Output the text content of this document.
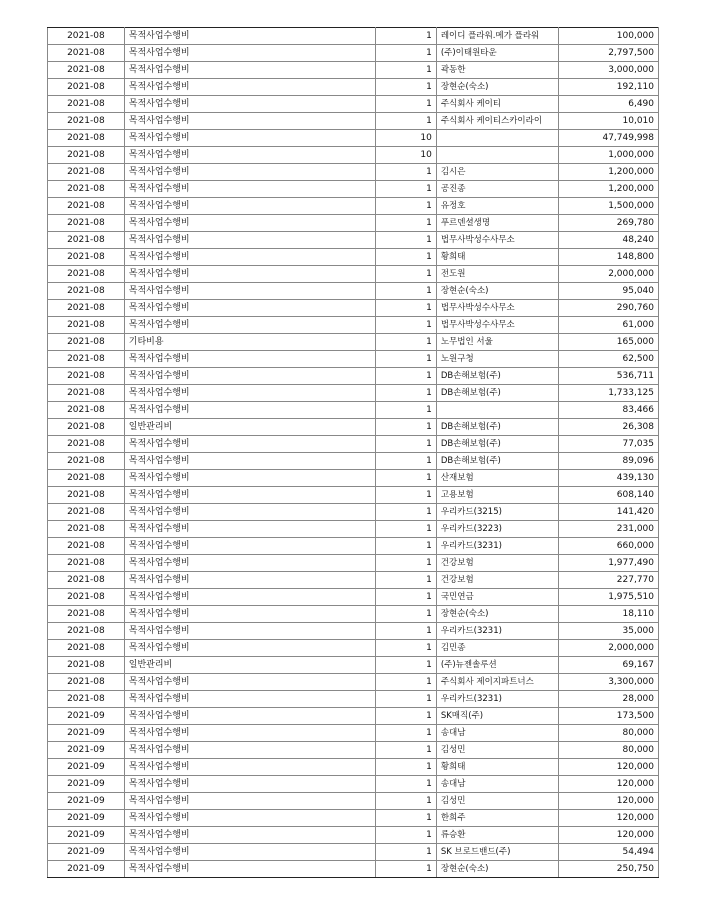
2021-08	목적사업수행비	1	레이디 플라워.메가 플라워	100,000
2021-08	목적사업수행비	1	(주)이태원타운	2,797,500
2021-08	목적사업수행비	1	곽동한	3,000,000
2021-08	목적사업수행비	1	장현순(숙소)	192,110
2021-08	목적사업수행비	1	주식회사 케이티	6,490
2021-08	목적사업수행비	1	주식회사 케이티스카이라이	10,010
2021-08	목적사업수행비	10		47,749,998
2021-08	목적사업수행비	10		1,000,000
2021-08	목적사업수행비	1	김시은	1,200,000
2021-08	목적사업수행비	1	공진종	1,200,000
2021-08	목적사업수행비	1	유정호	1,500,000
2021-08	목적사업수행비	1	푸르덴셜생명	269,780
2021-08	목적사업수행비	1	법무사박성수사무소	48,240
2021-08	목적사업수행비	1	황희태	148,800
2021-08	목적사업수행비	1	전도원	2,000,000
2021-08	목적사업수행비	1	장현순(숙소)	95,040
2021-08	목적사업수행비	1	법무사박성수사무소	290,760
2021-08	목적사업수행비	1	법무사박성수사무소	61,000
2021-08	기타비용	1	노무법인 서울	165,000
2021-08	목적사업수행비	1	노원구청	62,500
2021-08	목적사업수행비	1	DB손해보험(주)	536,711
2021-08	목적사업수행비	1	DB손해보험(주)	1,733,125
2021-08	목적사업수행비	1		83,466
2021-08	일반관리비	1	DB손해보험(주)	26,308
2021-08	목적사업수행비	1	DB손해보험(주)	77,035
2021-08	목적사업수행비	1	DB손해보험(주)	89,096
2021-08	목적사업수행비	1	산재보험	439,130
2021-08	목적사업수행비	1	고용보험	608,140
2021-08	목적사업수행비	1	우리카드(3215)	141,420
2021-08	목적사업수행비	1	우리카드(3223)	231,000
2021-08	목적사업수행비	1	우리카드(3231)	660,000
2021-08	목적사업수행비	1	건강보험	1,977,490
2021-08	목적사업수행비	1	건강보험	227,770
2021-08	목적사업수행비	1	국민연금	1,975,510
2021-08	목적사업수행비	1	장현순(숙소)	18,110
2021-08	목적사업수행비	1	우리카드(3231)	35,000
2021-08	목적사업수행비	1	김민종	2,000,000
2021-08	일반관리비	1	(주)뉴젠솔루션	69,167
2021-08	목적사업수행비	1	주식회사 제이지파트너스	3,300,000
2021-08	목적사업수행비	1	우리카드(3231)	28,000
2021-09	목적사업수행비	1	SK매직(주)	173,500
2021-09	목적사업수행비	1	송대남	80,000
2021-09	목적사업수행비	1	김성민	80,000
2021-09	목적사업수행비	1	황희태	120,000
2021-09	목적사업수행비	1	송대남	120,000
2021-09	목적사업수행비	1	김성민	120,000
2021-09	목적사업수행비	1	한희주	120,000
2021-09	목적사업수행비	1	류승환	120,000
2021-09	목적사업수행비	1	SK 브로드밴드(주)	54,494
2021-09	목적사업수행비	1	장현순(숙소)	250,750
